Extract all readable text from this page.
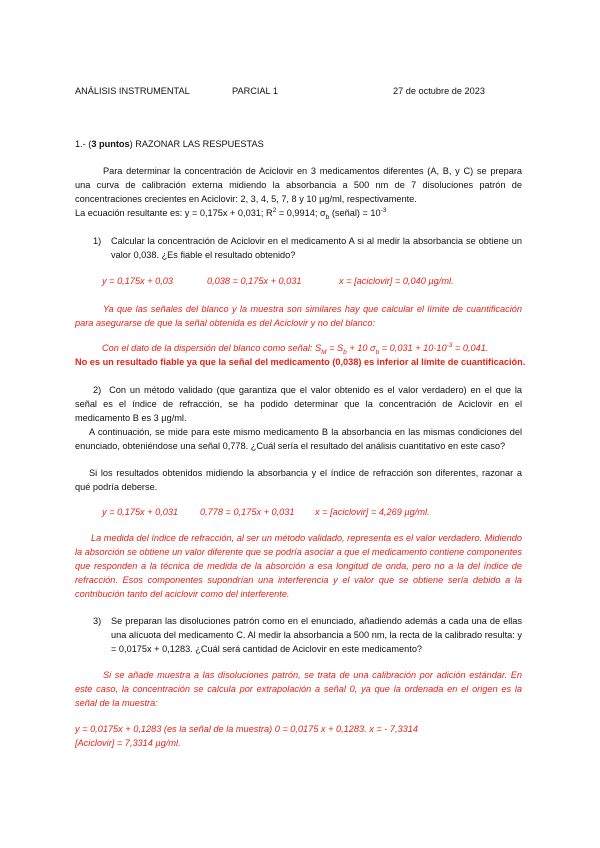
ANÁLISIS INSTRUMENTAL	PARCIAL 1	27 de octubre de 2023
1.- (3 puntos) RAZONAR LAS RESPUESTAS
Para determinar la concentración de Aciclovir en 3 medicamentos diferentes (A, B, y C) se prepara una curva de calibración externa midiendo la absorbancia a 500 nm de 7 disoluciones patrón de concentraciones crecientes en Aciclovir: 2, 3, 4, 5, 7, 8 y 10 µg/ml, respectivamente.
La ecuación resultante es: y = 0,175x + 0,031; $R^2 = 0,9914$; $\sigma_b$ (señal) = $10^{-3}$
1) Calcular la concentración de Aciclovir en el medicamento A si al medir la absorbancia se obtiene un valor 0,038. ¿Es fiable el resultado obtenido?
y = 0,175x + 0,03	0,038 = 0,175x + 0,031	x = [aciclovir] = 0,040 µg/ml.
Ya que las señales del blanco y la muestra son similares hay que calcular el límite de cuantificación para asegurarse de que la señal obtenida es del Aciclovir y no del blanco:
Con el dato de la dispersión del blanco como señal: $S_M = S_b + 10$ $\sigma_b = 0,031 + 10\cdot 10^{-3} = 0,041$.
No es un resultado fiable ya que la señal del medicamento (0,038) es inferior al límite de cuantificación.
2) Con un método validado (que garantiza que el valor obtenido es el valor verdadero) en el que la señal es el índice de refracción, se ha podido determinar que la concentración de Aciclovir en el medicamento B es 3 µg/ml.
A continuación, se mide para este mismo medicamento B la absorbancia en las mismas condiciones del enunciado, obteniéndose una señal 0,778. ¿Cuál sería el resultado del análisis cuantitativo en este caso?
Si los resultados obtenidos midiendo la absorbancia y el índice de refracción son diferentes, razonar a qué podría deberse.
y = 0,175x + 0,031 0,778 = 0,175x + 0,031 x = [aciclovir] = 4,269 µg/ml.
La medida del índice de refracción, al ser un método validado, representa es el valor verdadero. Midiendo la absorción se obtiene un valor diferente que se podría asociar a que el medicamento contiene componentes que responden a la técnica de medida de la absorción a esa longitud de onda, pero no a la del índice de refracción. Esos componentes supondrían una interferencia y el valor que se obtiene sería debido a la contribución tanto del aciclovir como del interferente.
3) Se preparan las disoluciones patrón como en el enunciado, añadiendo además a cada una de ellas una alícuota del medicamento C. Al medir la absorbancia a 500 nm, la recta de la calibrado resulta: y = 0,0175x + 0,1283. ¿Cuál será cantidad de Aciclovir en este medicamento?
Si se añade muestra a las disoluciones patrón, se trata de una calibración por adición estándar. En este caso, la concentración se calcula por extrapolación a señal 0, ya que la ordenada en el origen es la señal de la muestra:
y = 0,0175x + 0,1283 (es la señal de la muestra) 0 = 0,0175 x + 0,1283. x = - 7,3314
[Aciclovir] = 7,3314 µg/ml.
